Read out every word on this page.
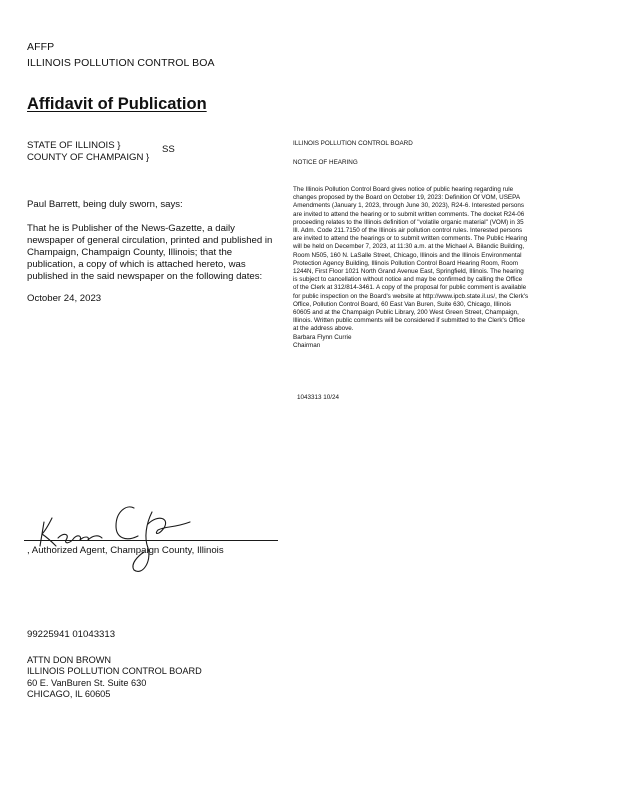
AFFP
ILLINOIS POLLUTION CONTROL BOA
Affidavit of Publication
STATE OF ILLINOIS }
COUNTY OF CHAMPAIGN }
SS
Paul Barrett, being duly sworn, says:
That he is Publisher of the News-Gazette, a daily
newspaper of general circulation, printed and published in
Champaign, Champaign County, Illinois; that the
publication, a copy of which is attached hereto, was
published in the said newspaper on the following dates:
October 24, 2023
, Authorized Agent, Champaign County, Illinois
99225941 01043313
ATTN DON BROWN
ILLINOIS POLLUTION CONTROL BOARD
60 E. VanBuren St. Suite 630
CHICAGO, IL 60605
ILLINOIS POLLUTION CONTROL BOARD
NOTICE OF HEARING
The Illinois Pollution Control Board gives notice of public hearing regarding rule
changes proposed by the Board on October 19, 2023: Definition Of VOM, USEPA
Amendments (January 1, 2023, through June 30, 2023), R24-6. Interested persons
are invited to attend the hearing or to submit written comments. The docket R24-06
proceeding relates to the Illinois definition of "volatile organic material" (VOM) in 35
Ill. Adm. Code 211.7150 of the Illinois air pollution control rules. Interested persons
are invited to attend the hearings or to submit written comments. The Public Hearing
will be held on December 7, 2023, at 11:30 a.m. at the Michael A. Bilandic Building,
Room N505, 160 N. LaSalle Street, Chicago, Illinois and the Illinois Environmental
Protection Agency Building, Illinois Pollution Control Board Hearing Room, Room
1244N, First Floor 1021 North Grand Avenue East, Springfield, Illinois. The hearing
is subject to cancellation without notice and may be confirmed by calling the Office
of the Clerk at 312/814-3461. A copy of the proposal for public comment is available
for public inspection on the Board's website at http://www.ipcb.state.il.us/, the Clerk's
Office, Pollution Control Board, 60 East Van Buren, Suite 630, Chicago, Illinois
60605 and at the Champaign Public Library, 200 West Green Street, Champaign,
Illinois. Written public comments will be considered if submitted to the Clerk's Office
at the address above.
Barbara Flynn Currie
Chairman
1043313 10/24
